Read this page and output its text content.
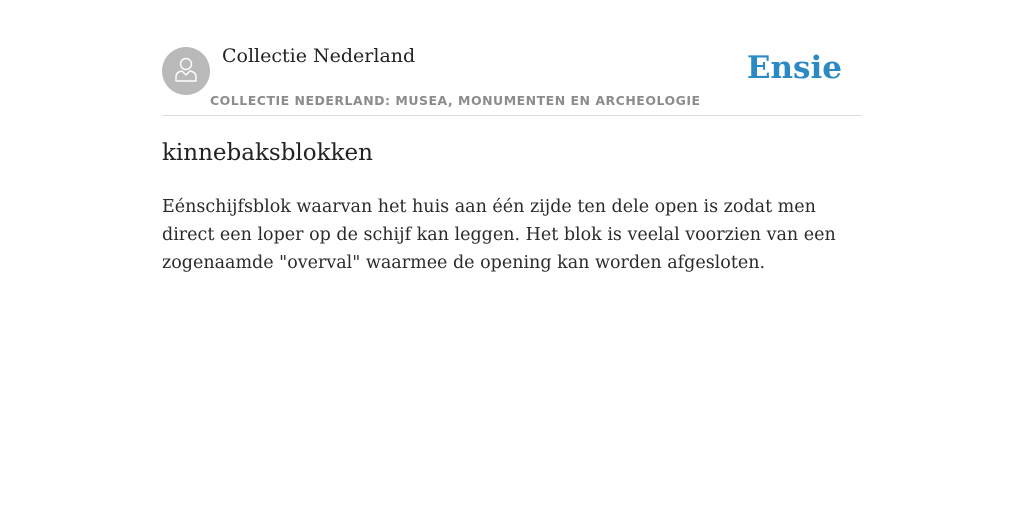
Collectie Nederland
COLLECTIE NEDERLAND: MUSEA, MONUMENTEN EN ARCHEOLOGIE
Ensie
kinnebaksblokken

Eénschijfsblok waarvan het huis aan één zijde ten dele open is zodat men direct een loper op de schijf kan leggen. Het blok is veelal voorzien van een zogenaamde "overval" waarmee de opening kan worden afgesloten.
